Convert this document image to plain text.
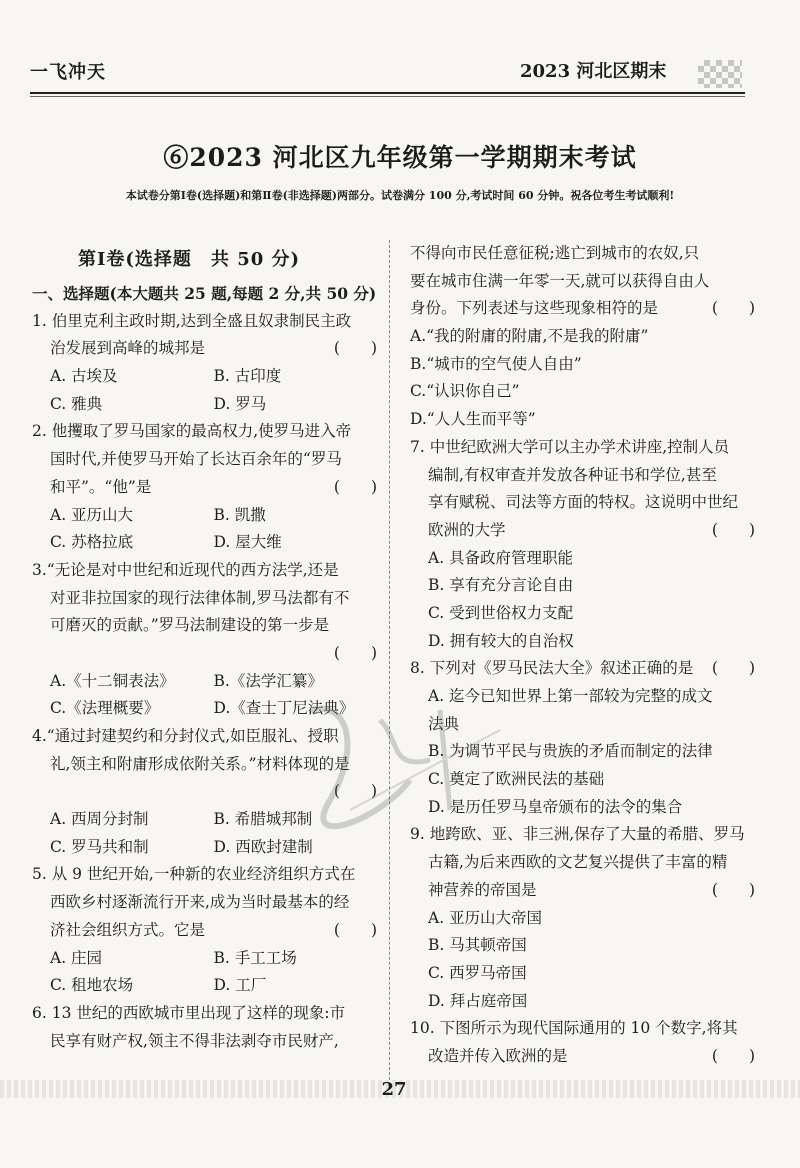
一飞冲天	2023 河北区期末
⑥2023 河北区九年级第一学期期末考试
本试卷分第Ⅰ卷(选择题)和第Ⅱ卷(非选择题)两部分。试卷满分 100 分,考试时间 60 分钟。祝各位考生考试顺利!
第Ⅰ卷(选择题　共 50 分)
一、选择题(本大题共 25 题,每题 2 分,共 50 分)
1. 伯里克利主政时期,达到全盛且奴隶制民主政
治发展到高峰的城邦是	(　　)
A. 古埃及	B. 古印度
C. 雅典	D. 罗马
2. 他攫取了罗马国家的最高权力,使罗马进入帝
国时代,并使罗马开始了长达百余年的“罗马
和平”。“他”是	(　　)
A. 亚历山大	B. 凯撒
C. 苏格拉底	D. 屋大维
3.“无论是对中世纪和近现代的西方法学,还是
对亚非拉国家的现行法律体制,罗马法都有不
可磨灭的贡献。”罗马法制建设的第一步是
(　　)
A.《十二铜表法》	B.《法学汇纂》
C.《法理概要》	D.《查士丁尼法典》
4.“通过封建契约和分封仪式,如臣服礼、授职
礼,领主和附庸形成依附关系。”材料体现的是
(　　)
A. 西周分封制	B. 希腊城邦制
C. 罗马共和制	D. 西欧封建制
5. 从 9 世纪开始,一种新的农业经济组织方式在
西欧乡村逐渐流行开来,成为当时最基本的经
济社会组织方式。它是	(　　)
A. 庄园	B. 手工工场
C. 租地农场	D. 工厂
6. 13 世纪的西欧城市里出现了这样的现象:市
民享有财产权,领主不得非法剥夺市民财产,
不得向市民任意征税;逃亡到城市的农奴,只
要在城市住满一年零一天,就可以获得自由人
身份。下列表述与这些现象相符的是	(　　)
A.“我的附庸的附庸,不是我的附庸”
B.“城市的空气使人自由”
C.“认识你自己”
D.“人人生而平等”
7. 中世纪欧洲大学可以主办学术讲座,控制人员
编制,有权审查并发放各种证书和学位,甚至
享有赋税、司法等方面的特权。这说明中世纪
欧洲的大学	(　　)
A. 具备政府管理职能
B. 享有充分言论自由
C. 受到世俗权力支配
D. 拥有较大的自治权
8. 下列对《罗马民法大全》叙述正确的是 (　　)
A. 迄今已知世界上第一部较为完整的成文
法典
B. 为调节平民与贵族的矛盾而制定的法律
C. 奠定了欧洲民法的基础
D. 是历任罗马皇帝颁布的法令的集合
9. 地跨欧、亚、非三洲,保存了大量的希腊、罗马
古籍,为后来西欧的文艺复兴提供了丰富的精
神营养的帝国是	(　　)
A. 亚历山大帝国
B. 马其顿帝国
C. 西罗马帝国
D. 拜占庭帝国
10. 下图所示为现代国际通用的 10 个数字,将其
改造并传入欧洲的是	(　　)
27
